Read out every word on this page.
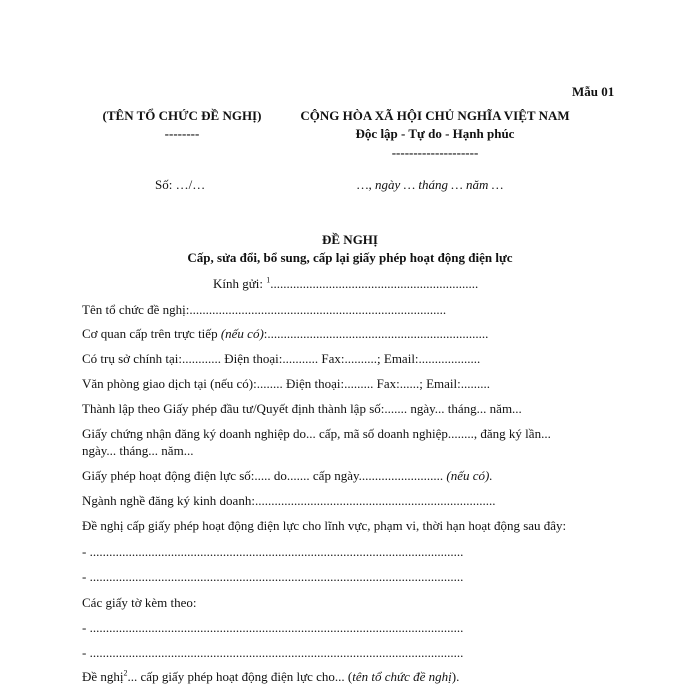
Mẫu 01
(TÊN TỔ CHỨC ĐỀ NGHỊ)
--------
CỘNG HÒA XÃ HỘI CHỦ NGHĨA VIỆT NAM
Độc lập - Tự do - Hạnh phúc
--------------------
Số: …/…	…, ngày … tháng … năm …
ĐỀ NGHỊ
Cấp, sửa đổi, bổ sung, cấp lại giấy phép hoạt động điện lực
Kính gửi: $^1$................................................................
Tên tổ chức đề nghị:...............................................................................
Cơ quan cấp trên trực tiếp (nếu có):....................................................................
Có trụ sở chính tại:............ Điện thoại:........... Fax:..........; Email:...................
Văn phòng giao dịch tại (nếu có):........ Điện thoại:......... Fax:......; Email:.........
Thành lập theo Giấy phép đầu tư/Quyết định thành lập số:....... ngày... tháng... năm...
Giấy chứng nhận đăng ký doanh nghiệp do... cấp, mã số doanh nghiệp........, đăng ký lần...
ngày... tháng... năm...
Giấy phép hoạt động điện lực số:..... do....... cấp ngày.......................... (nếu có).
Ngành nghề đăng ký kinh doanh:..........................................................................
Đề nghị cấp giấy phép hoạt động điện lực cho lĩnh vực, phạm vi, thời hạn hoạt động sau đây:
- ...................................................................................................................
- ...................................................................................................................
Các giấy tờ kèm theo:
- ...................................................................................................................
- ...................................................................................................................
Đề nghị$^2$... cấp giấy phép hoạt động điện lực cho... (tên tổ chức đề nghị).
